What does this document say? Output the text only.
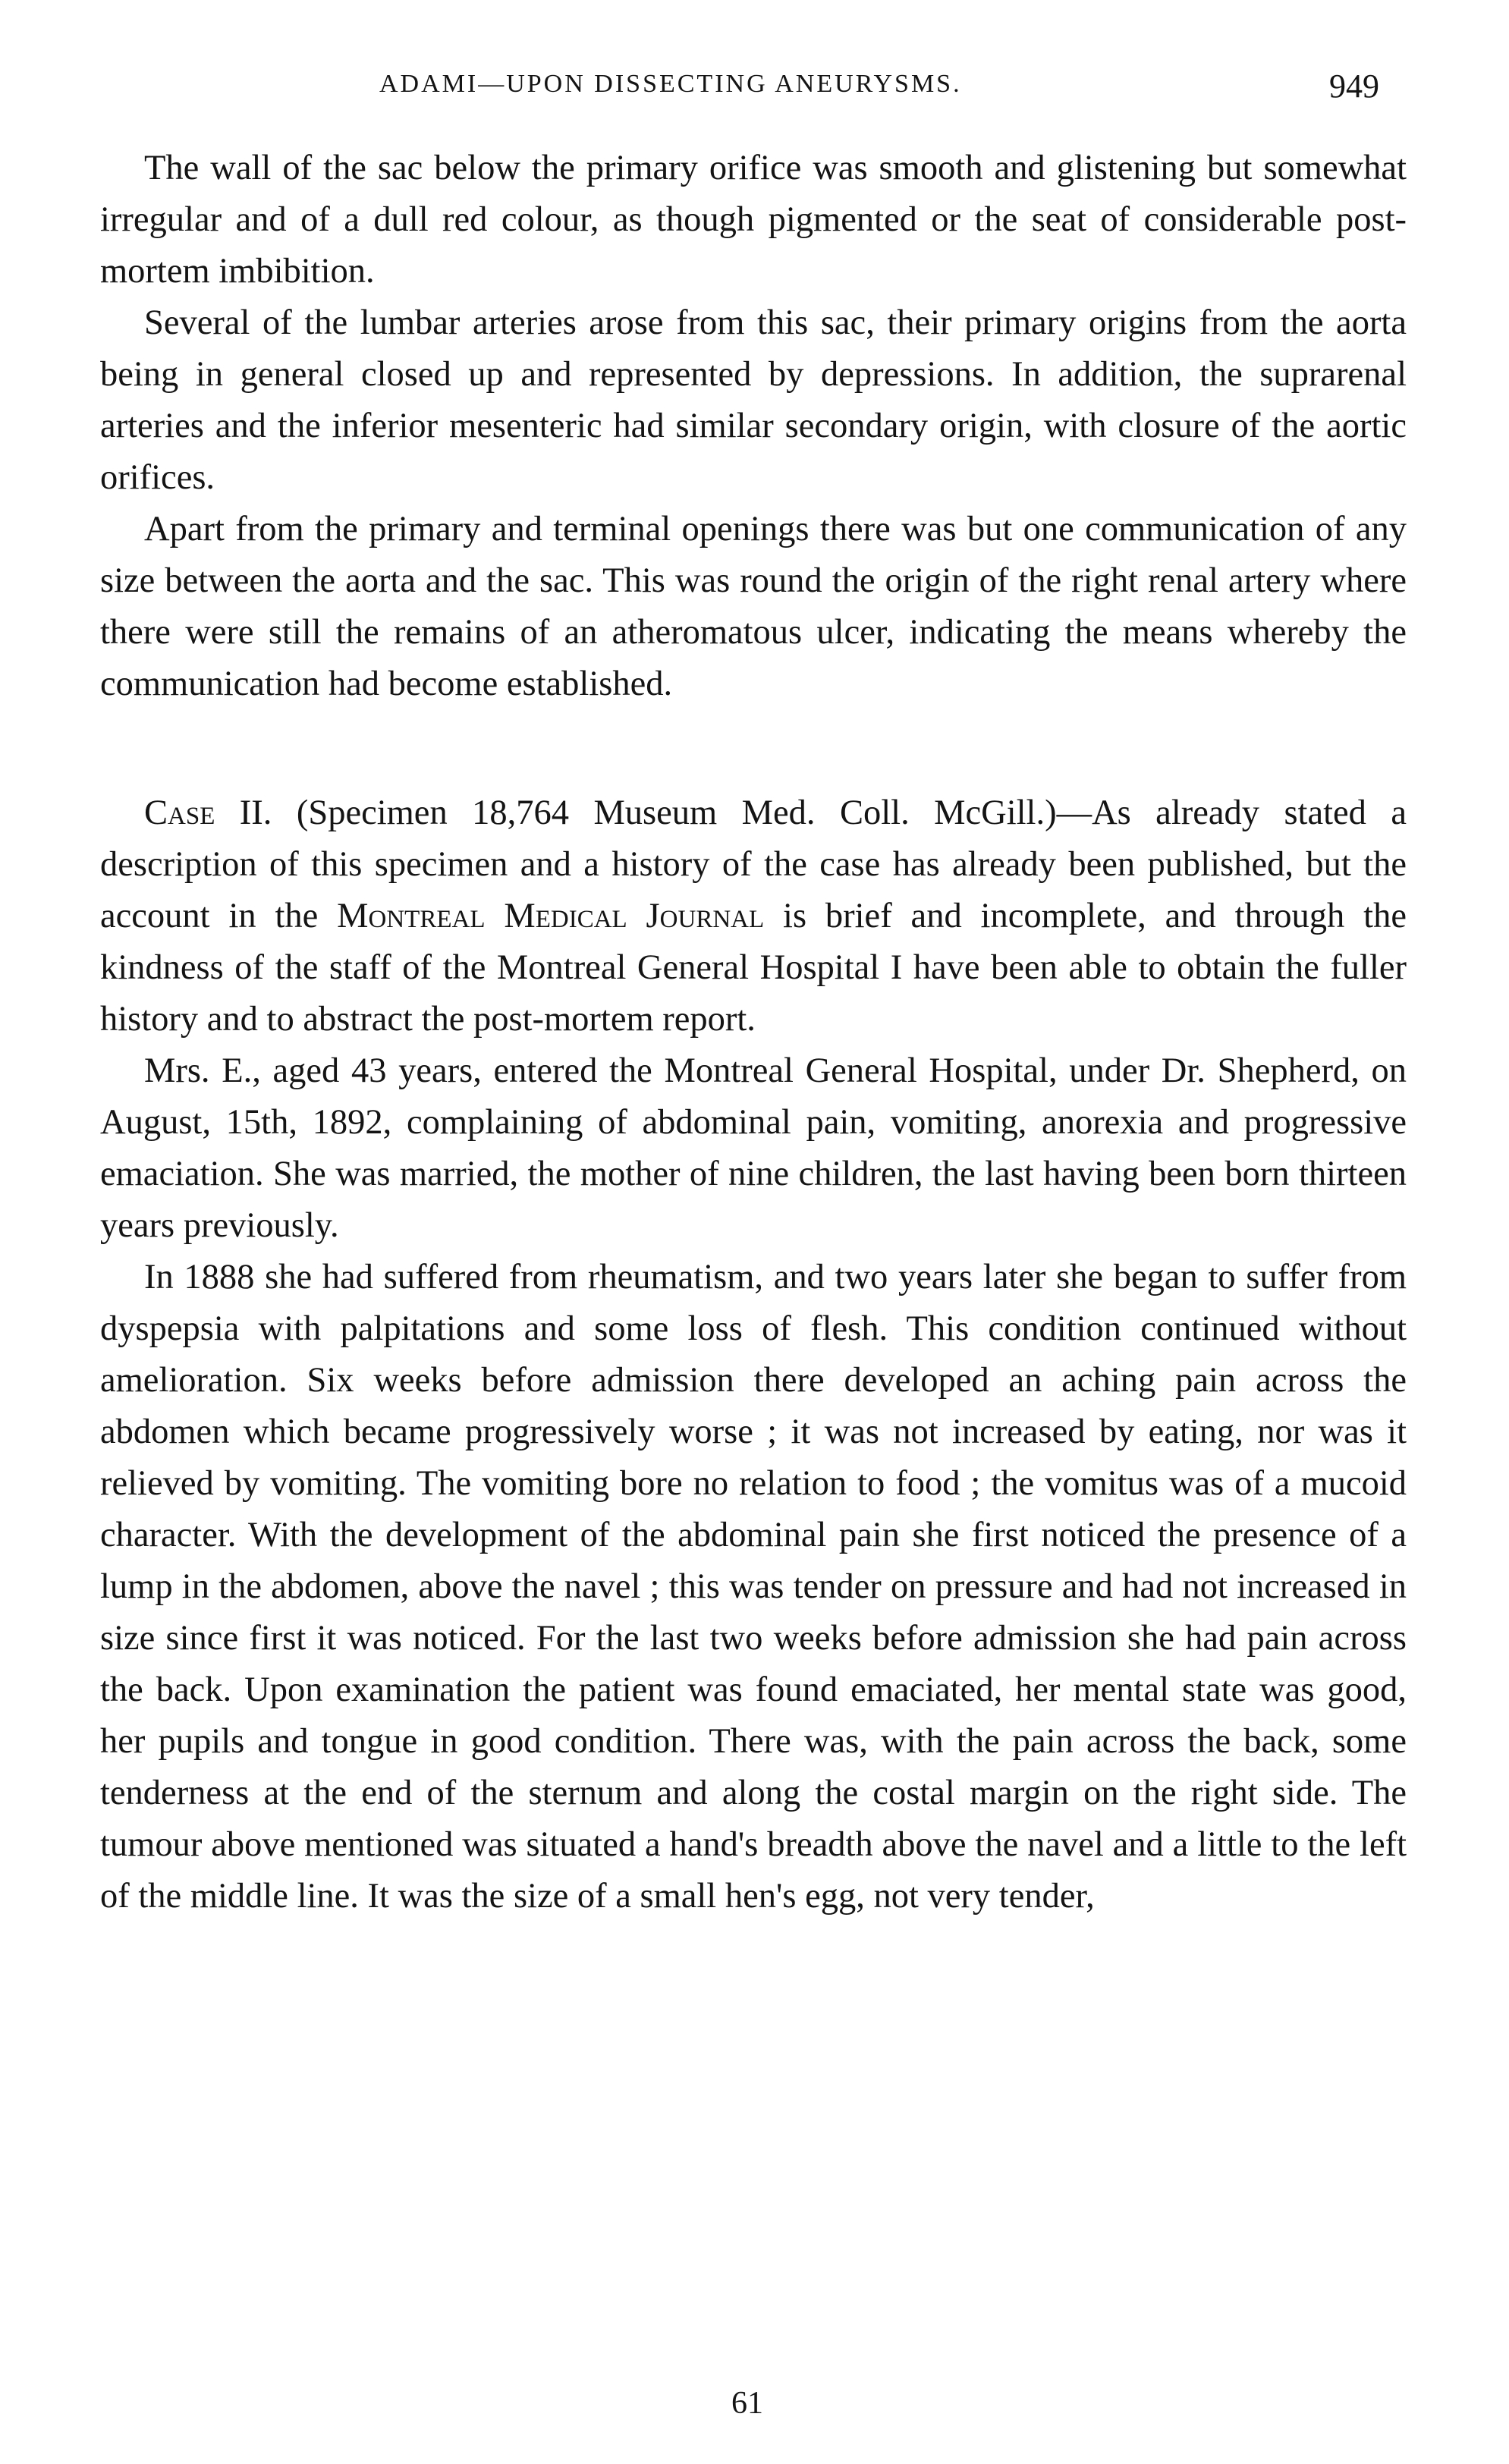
ADAMI—UPON DISSECTING ANEURYSMS.	949

The wall of the sac below the primary orifice was smooth and glistening but somewhat irregular and of a dull red colour, as though pigmented or the seat of considerable post-mortem imbibition.

Several of the lumbar arteries arose from this sac, their primary origins from the aorta being in general closed up and represented by depressions. In addition, the suprarenal arteries and the inferior mesenteric had similar secondary origin, with closure of the aortic orifices.

Apart from the primary and terminal openings there was but one communication of any size between the aorta and the sac. This was round the origin of the right renal artery where there were still the remains of an atheromatous ulcer, indicating the means whereby the communication had become established.

Case II. (Specimen 18,764 Museum Med. Coll. McGill.)—As already stated a description of this specimen and a history of the case has already been published, but the account in the Montreal Medical Journal is brief and incomplete, and through the kindness of the staff of the Montreal General Hospital I have been able to obtain the fuller history and to abstract the post-mortem report.

Mrs. E., aged 43 years, entered the Montreal General Hospital, under Dr. Shepherd, on August, 15th, 1892, complaining of abdominal pain, vomiting, anorexia and progressive emaciation. She was married, the mother of nine children, the last having been born thirteen years previously.

In 1888 she had suffered from rheumatism, and two years later she began to suffer from dyspepsia with palpitations and some loss of flesh. This condition continued without amelioration. Six weeks before admission there developed an aching pain across the abdomen which became progressively worse ; it was not increased by eating, nor was it relieved by vomiting. The vomiting bore no relation to food ; the vomitus was of a mucoid character. With the development of the abdominal pain she first noticed the presence of a lump in the abdomen, above the navel ; this was tender on pressure and had not increased in size since first it was noticed. For the last two weeks before admission she had pain across the back. Upon examination the patient was found emaciated, her mental state was good, her pupils and tongue in good condition. There was, with the pain across the back, some tenderness at the end of the sternum and along the costal margin on the right side. The tumour above mentioned was situated a hand's breadth above the navel and a little to the left of the middle line. It was the size of a small hen's egg, not very tender,

61
